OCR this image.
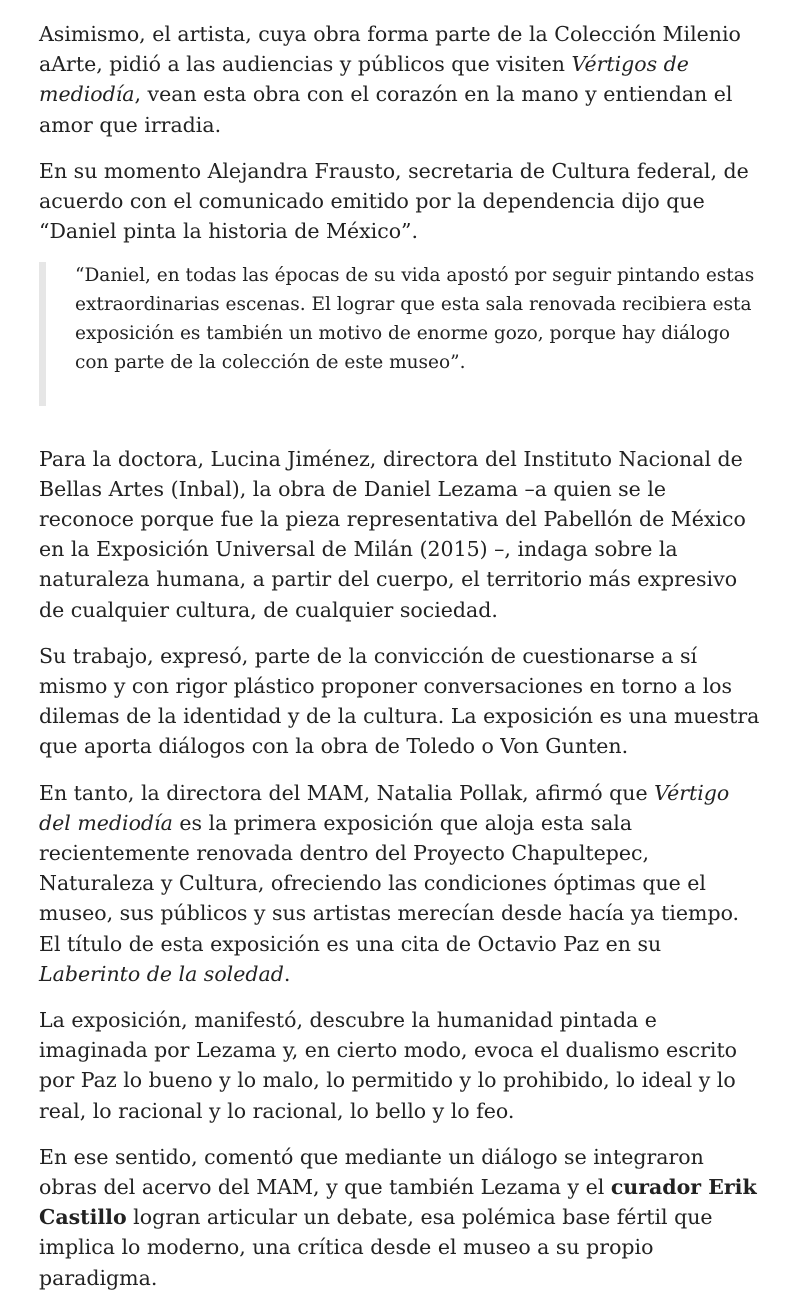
Asimismo, el artista, cuya obra forma parte de la Colección Milenio aArte, pidió a las audiencias y públicos que visiten Vértigos de mediodía, vean esta obra con el corazón en la mano y entiendan el amor que irradia.

En su momento Alejandra Frausto, secretaria de Cultura federal, de acuerdo con el comunicado emitido por la dependencia dijo que “Daniel pinta la historia de México”.

“Daniel, en todas las épocas de su vida apostó por seguir pintando estas extraordinarias escenas. El lograr que esta sala renovada recibiera esta exposición es también un motivo de enorme gozo, porque hay diálogo con parte de la colección de este museo”.

Para la doctora, Lucina Jiménez, directora del Instituto Nacional de Bellas Artes (Inbal), la obra de Daniel Lezama –a quien se le reconoce porque fue la pieza representativa del Pabellón de México en la Exposición Universal de Milán (2015) –, indaga sobre la naturaleza humana, a partir del cuerpo, el territorio más expresivo de cualquier cultura, de cualquier sociedad.

Su trabajo, expresó, parte de la convicción de cuestionarse a sí mismo y con rigor plástico proponer conversaciones en torno a los dilemas de la identidad y de la cultura. La exposición es una muestra que aporta diálogos con la obra de Toledo o Von Gunten.

En tanto, la directora del MAM, Natalia Pollak, afirmó que Vértigo del mediodía es la primera exposición que aloja esta sala recientemente renovada dentro del Proyecto Chapultepec, Naturaleza y Cultura, ofreciendo las condiciones óptimas que el museo, sus públicos y sus artistas merecían desde hacía ya tiempo. El título de esta exposición es una cita de Octavio Paz en su Laberinto de la soledad.

La exposición, manifestó, descubre la humanidad pintada e imaginada por Lezama y, en cierto modo, evoca el dualismo escrito por Paz lo bueno y lo malo, lo permitido y lo prohibido, lo ideal y lo real, lo racional y lo racional, lo bello y lo feo.

En ese sentido, comentó que mediante un diálogo se integraron obras del acervo del MAM, y que también Lezama y el curador Erik Castillo logran articular un debate, esa polémica base fértil que implica lo moderno, una crítica desde el museo a su propio paradigma.
